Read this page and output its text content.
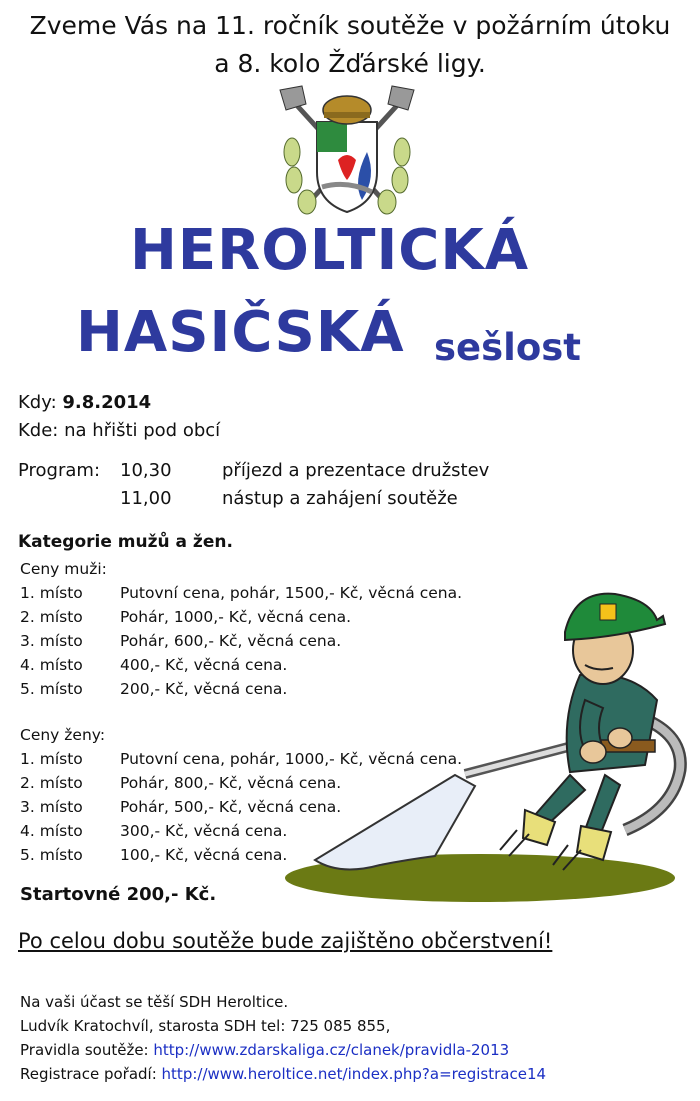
Zveme Vás na 11. ročník soutěže v požárním útoku
a 8. kolo Žďárské ligy.
HEROLTICKÁ
HASIČSKÁ sešlost
Kdy: 9.8.2014
Kde: na hřišti pod obcí
Program: 10,30	příjezd a prezentace družstev
11,00	nástup a zahájení soutěže
Kategorie mužů a žen.
Ceny muži:
1. místo Putovní cena, pohár, 1500,- Kč, věcná cena.
2. místo Pohár, 1000,- Kč, věcná cena.
3. místo Pohár, 600,- Kč, věcná cena.
4. místo 400,- Kč, věcná cena.
5. místo 200,- Kč, věcná cena.
Ceny ženy:
1. místo Putovní cena, pohár, 1000,- Kč, věcná cena.
2. místo Pohár, 800,- Kč, věcná cena.
3. místo Pohár, 500,- Kč, věcná cena.
4. místo 300,- Kč, věcná cena.
5. místo 100,- Kč, věcná cena.
Startovné 200,- Kč.
Po celou dobu soutěže bude zajištěno občerstvení!
Na vaši účast se těší SDH Heroltice.
Ludvík Kratochvíl, starosta SDH tel: 725 085 855,
Pravidla soutěže: http://www.zdarskaliga.cz/clanek/pravidla-2013
Registrace pořadí: http://www.heroltice.net/index.php?a=registrace14
